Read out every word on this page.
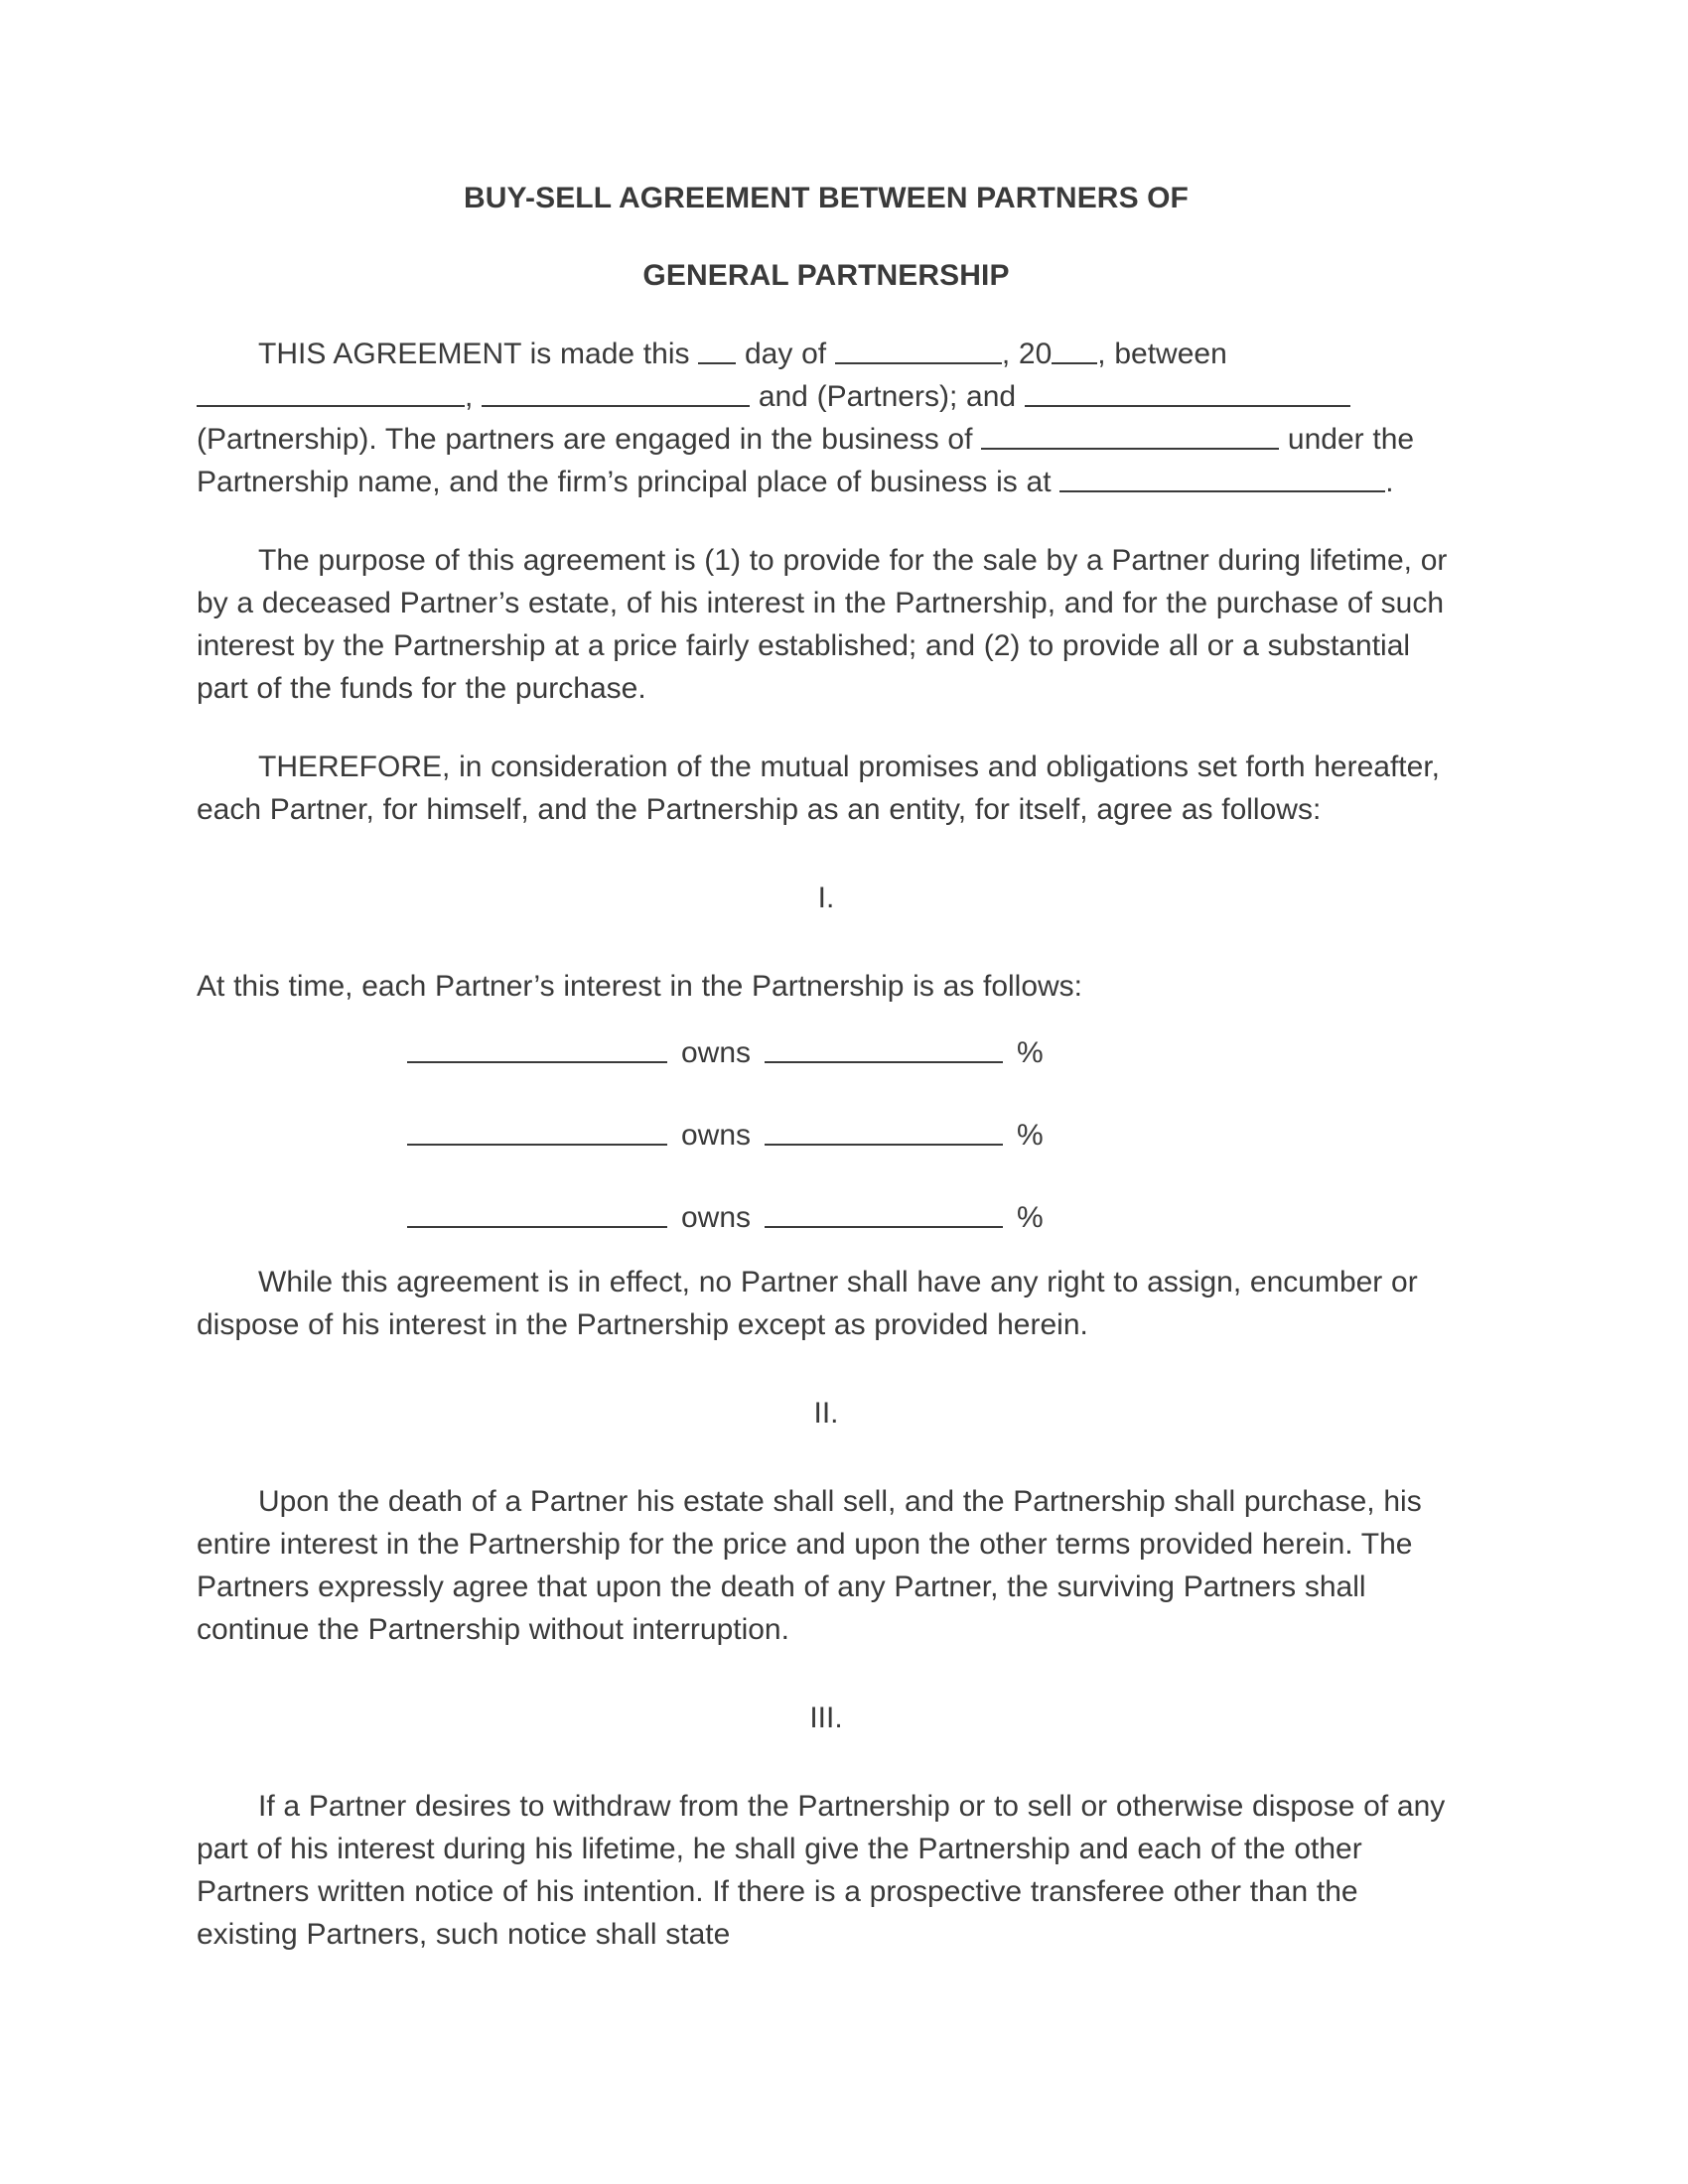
BUY-SELL AGREEMENT BETWEEN PARTNERS OF
GENERAL PARTNERSHIP

THIS AGREEMENT is made this  day of	, 20 , between ,	and (Partners); and  (Partnership). The partners are engaged in the business of	under the Partnership name, and the firm’s principal place of business is at	.

The purpose of this agreement is (1) to provide for the sale by a Partner during lifetime, or by a deceased Partner’s estate, of his interest in the Partnership, and for the purchase of such interest by the Partnership at a price fairly established; and (2) to provide all or a substantial part of the funds for the purchase.

THEREFORE, in consideration of the mutual promises and obligations set forth hereafter, each Partner, for himself, and the Partnership as an entity, for itself, agree as follows:

I.

At this time, each Partner’s interest in the Partnership is as follows:

owns	%
owns	%
owns	%

While this agreement is in effect, no Partner shall have any right to assign, encumber or dispose of his interest in the Partnership except as provided herein.

II.

Upon the death of a Partner his estate shall sell, and the Partnership shall purchase, his entire interest in the Partnership for the price and upon the other terms provided herein. The Partners expressly agree that upon the death of any Partner, the surviving Partners shall continue the Partnership without interruption.

III.

If a Partner desires to withdraw from the Partnership or to sell or otherwise dispose of any part of his interest during his lifetime, he shall give the Partnership and each of the other Partners written notice of his intention. If there is a prospective transferee other than the existing Partners, such notice shall state
